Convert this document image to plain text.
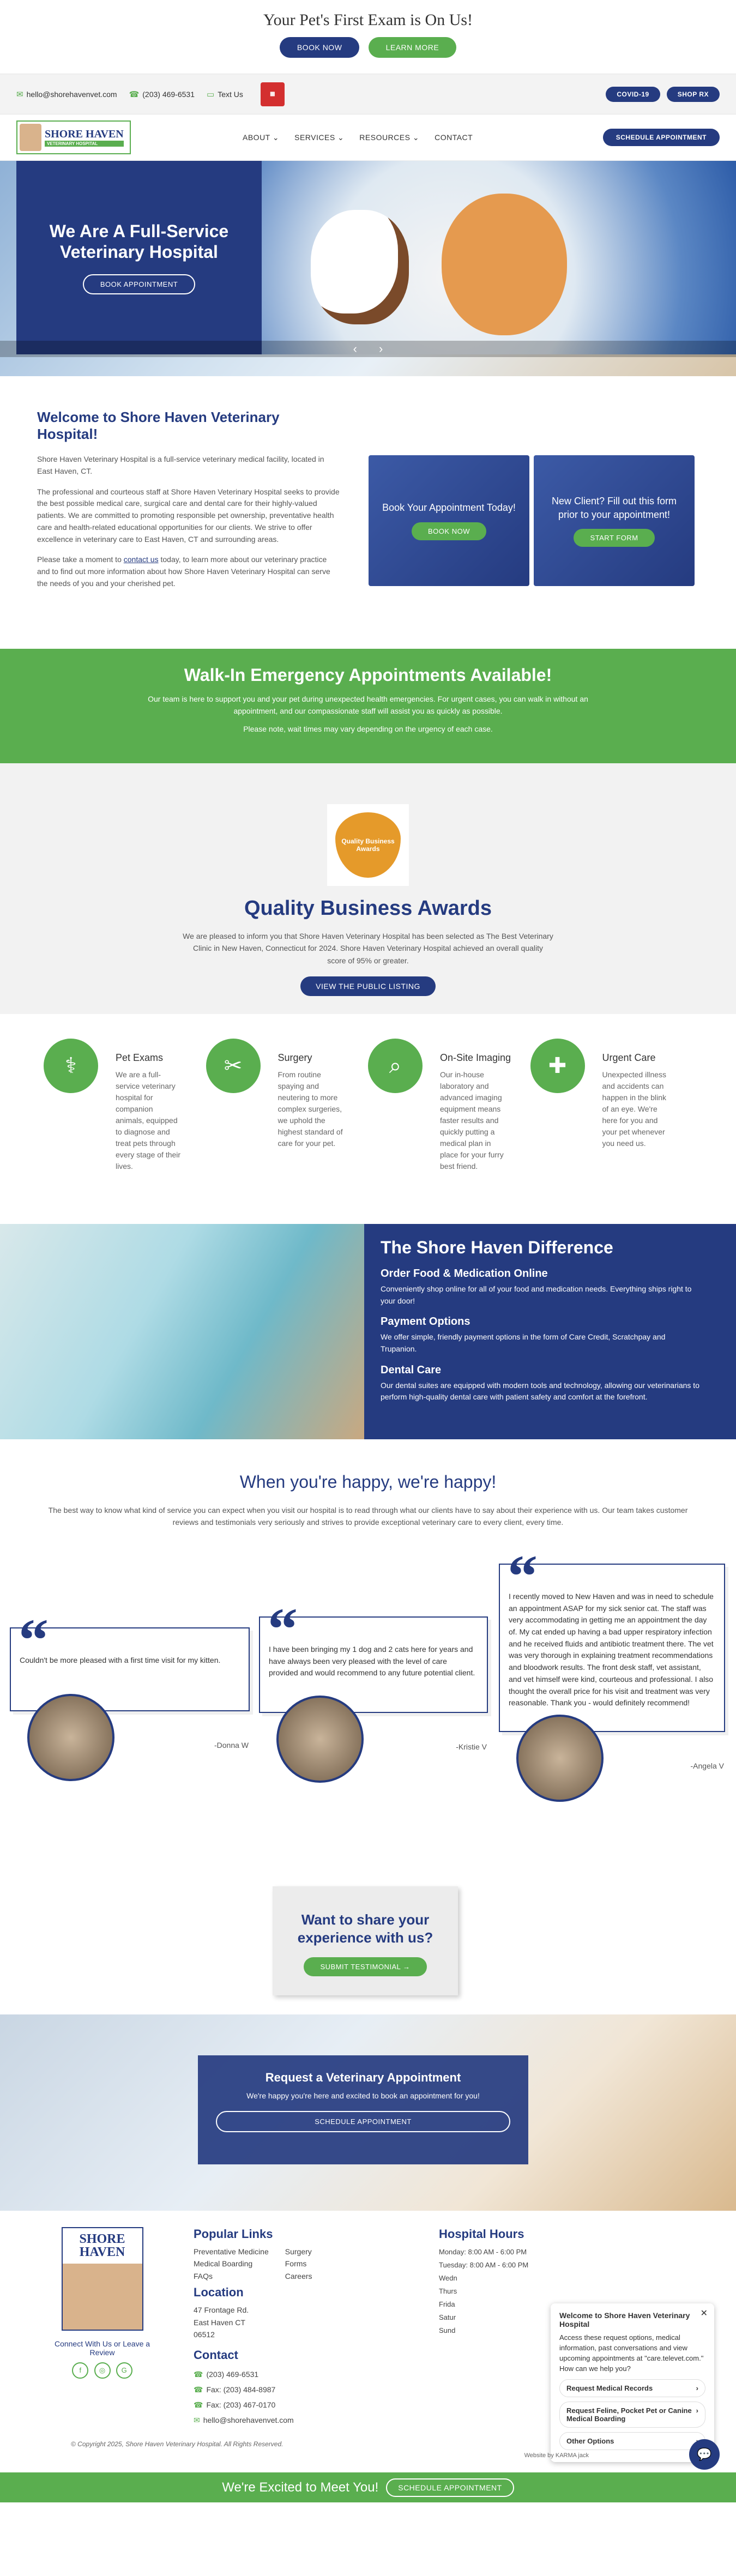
Your Pet's First Exam is On Us!
BOOK NOW	LEARN MORE
✉ hello@shorehavenvet.com ☎ (203) 469-6531 ▭ Text Us	▦	COVID-19	SHOP RX
SHORE HAVEN
VETERINARY HOSPITAL
ABOUT ⌄ SERVICES ⌄ RESOURCES ⌄ CONTACT	SCHEDULE APPOINTMENT
We Are A Full-Service Veterinary Hospital
BOOK APPOINTMENT
‹ ›
Welcome to Shore Haven Veterinary Hospital!

Shore Haven Veterinary Hospital is a full-service veterinary medical facility, located in East Haven, CT.

The professional and courteous staff at Shore Haven Veterinary Hospital seeks to provide the best possible medical care, surgical care and dental care for their highly-valued patients. We are committed to promoting responsible pet ownership, preventative health care and health-related educational opportunities for our clients. We strive to offer excellence in veterinary care to East Haven, CT and surrounding areas.

Please take a moment to contact us today, to learn more about our veterinary practice and to find out more information about how Shore Haven Veterinary Hospital can serve the needs of you and your cherished pet.

Book Your Appointment Today!

BOOK NOW

New Client? Fill out this form prior to your appointment!

START FORM
Walk-In Emergency Appointments Available!

Our team is here to support you and your pet during unexpected health emergencies. For urgent cases, you can walk in without an appointment, and our compassionate staff will assist you as quickly as possible.

Please note, wait times may vary depending on the urgency of each case.

Quality Business Awards
Quality Business Awards

We are pleased to inform you that Shore Haven Veterinary Hospital has been selected as The Best Veterinary Clinic in New Haven, Connecticut for 2024. Shore Haven Veterinary Hospital achieved an overall quality score of 95% or greater.

VIEW THE PUBLIC LISTING
⚕	Pet Exams

We are a full-service veterinary hospital for companion animals, equipped to diagnose and treat pets through every stage of their lives.

✂	Surgery

From routine spaying and neutering to more complex surgeries, we uphold the highest standard of care for your pet.

⌕	On-Site Imaging

Our in-house laboratory and advanced imaging equipment means faster results and quickly putting a medical plan in place for your furry best friend.

✚	Urgent Care

Unexpected illness and accidents can happen in the blink of an eye. We're here for you and your pet whenever you need us.

The Shore Haven Difference
Order Food & Medication Online

Conveniently shop online for all of your food and medication needs. Everything ships right to your door!

Payment Options

We offer simple, friendly payment options in the form of Care Credit, Scratchpay and Trupanion.

Dental Care

Our dental suites are equipped with modern tools and technology, allowing our veterinarians to perform high-quality dental care with patient safety and comfort at the forefront.

When you're happy, we're happy!

The best way to know what kind of service you can expect when you visit our hospital is to read through what our clients have to say about their experience with us. Our team takes customer reviews and testimonials very seriously and strives to provide exceptional veterinary care to every client, every time.

“

Couldn't be more pleased with a first time visit for my kitten.

-Donna W
“

I have been bringing my 1 dog and 2 cats here for years and have always been very pleased with the level of care provided and would recommend to any future potential client.

-Kristie V
“

I recently moved to New Haven and was in need to schedule an appointment ASAP for my sick senior cat. The staff was very accommodating in getting me an appointment the day of. My cat ended up having a bad upper respiratory infection and he received fluids and antibiotic treatment there. The vet was very thorough in explaining treatment recommendations and bloodwork results. The front desk staff, vet assistant, and vet himself were kind, courteous and professional. I also thought the overall price for his visit and treatment was very reasonable. Thank you - would definitely recommend!

-Angela V
Want to share your experience with us?
SUBMIT TESTIMONIAL →
Request a Veterinary Appointment

We're happy you're here and excited to book an appointment for you!

SCHEDULE APPOINTMENT
SHORE HAVEN
Connect With Us or Leave a Review
f	◎ G
Popular Links
Preventative Medicine
Medical Boarding
FAQs
Surgery
Forms
Careers
Location
47 Frontage Rd.
East Haven CT
06512
Contact
☎ (203) 469-6531
☎ Fax: (203) 484-8987
☎ Fax: (203) 467-0170
✉ hello@shorehavenvet.com
Hospital Hours
Monday: 8:00 AM - 6:00 PM
Tuesday: 8:00 AM - 6:00 PM
Wedn
Thurs
Frida
Satur
Sund
✕
Welcome to Shore Haven Veterinary Hospital

Access these request options, medical information, past conversations and view upcoming appointments at "care.televet.com." How can we help you?

Request Medical Records	›
Request Feline, Pocket Pet or Canine Medical Boarding
›
Other Options
© Copyright 2025, Shore Haven Veterinary Hospital. All Rights Reserved.
Website by KARMA jack	💬
We're Excited to Meet You!	SCHEDULE APPOINTMENT
